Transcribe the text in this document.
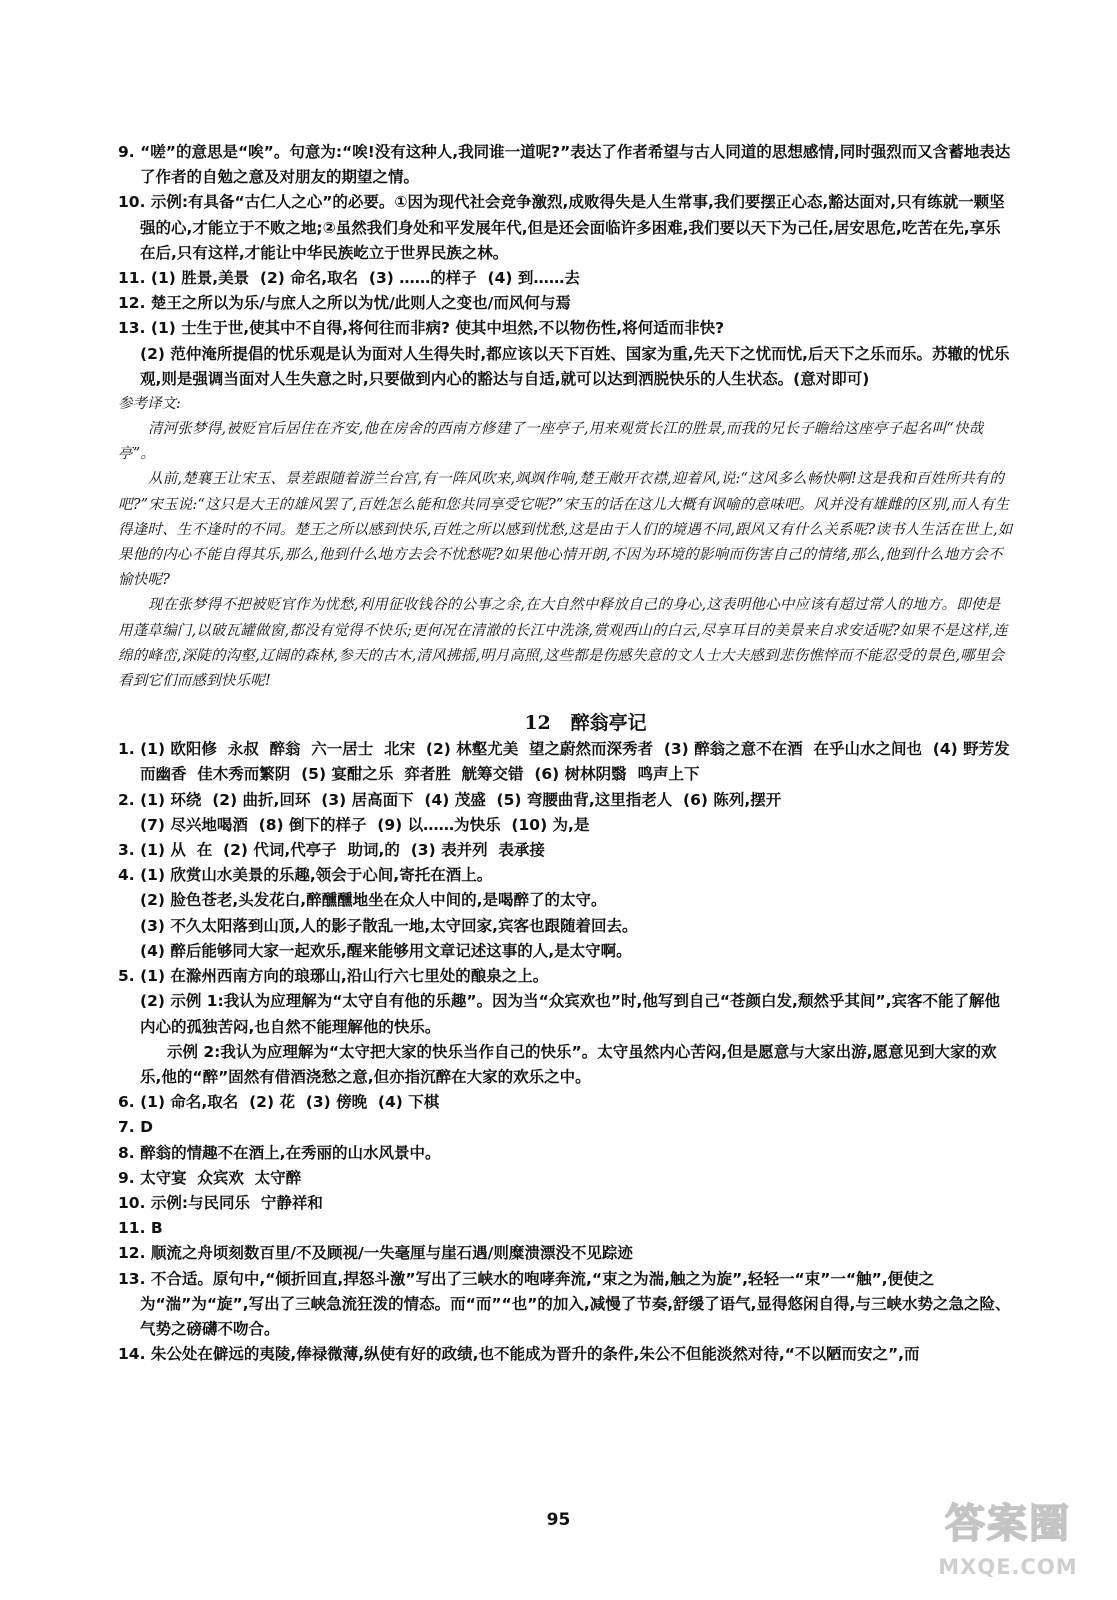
9. “嗟”的意思是“唉”。句意为:“唉!没有这种人,我同谁一道呢?”表达了作者希望与古人同道的思想感情,同时强烈而又含蓄地表达了作者的自勉之意及对朋友的期望之情。

10. 示例:有具备“古仁人之心”的必要。①因为现代社会竞争激烈,成败得失是人生常事,我们要摆正心态,豁达面对,只有练就一颗坚强的心,才能立于不败之地;②虽然我们身处和平发展年代,但是还会面临许多困难,我们要以天下为己任,居安思危,吃苦在先,享乐在后,只有这样,才能让中华民族屹立于世界民族之林。

11. (1) 胜景,美景  (2) 命名,取名  (3) ……的样子  (4) 到……去

12. 楚王之所以为乐/与庶人之所以为忧/此则人之变也/而风何与焉

13. (1) 士生于世,使其中不自得,将何往而非病? 使其中坦然,不以物伤性,将何适而非快?

(2) 范仲淹所提倡的忧乐观是认为面对人生得失时,都应该以天下百姓、国家为重,先天下之忧而忧,后天下之乐而乐。苏辙的忧乐观,则是强调当面对人生失意之时,只要做到内心的豁达与自适,就可以达到洒脱快乐的人生状态。(意对即可)

参考译文:

清河张梦得,被贬官后居住在齐安,他在房舍的西南方修建了一座亭子,用来观赏长江的胜景,而我的兄长子瞻给这座亭子起名叫“快哉亭”。

从前,楚襄王让宋玉、景差跟随着游兰台宫,有一阵风吹来,飒飒作响,楚王敞开衣襟,迎着风,说:“这风多么畅快啊!这是我和百姓所共有的吧?”宋玉说:“这只是大王的雄风罢了,百姓怎么能和您共同享受它呢?”宋玉的话在这儿大概有讽喻的意味吧。风并没有雄雌的区别,而人有生得逢时、生不逢时的不同。楚王之所以感到快乐,百姓之所以感到忧愁,这是由于人们的境遇不同,跟风又有什么关系呢?读书人生活在世上,如果他的内心不能自得其乐,那么,他到什么地方去会不忧愁呢?如果他心情开朗,不因为环境的影响而伤害自己的情绪,那么,他到什么地方会不愉快呢?

现在张梦得不把被贬官作为忧愁,利用征收钱谷的公事之余,在大自然中释放自己的身心,这表明他心中应该有超过常人的地方。即使是用蓬草编门,以破瓦罐做窗,都没有觉得不快乐;更何况在清澈的长江中洗涤,赏观西山的白云,尽享耳目的美景来自求安适呢?如果不是这样,连绵的峰峦,深陡的沟壑,辽阔的森林,参天的古木,清风拂摇,明月高照,这些都是伤感失意的文人士大夫感到悲伤憔悴而不能忍受的景色,哪里会看到它们而感到快乐呢!

12 醉翁亭记

1. (1) 欧阳修  永叔  醉翁  六一居士  北宋  (2) 林壑尤美  望之蔚然而深秀者  (3) 醉翁之意不在酒  在乎山水之间也  (4) 野芳发而幽香  佳木秀而繁阴  (5) 宴酣之乐  弈者胜  觥筹交错  (6) 树林阴翳  鸣声上下

2. (1) 环绕  (2) 曲折,回环  (3) 居高面下  (4) 茂盛  (5) 弯腰曲背,这里指老人  (6) 陈列,摆开

(7) 尽兴地喝酒  (8) 倒下的样子  (9) 以……为快乐  (10) 为,是

3. (1) 从  在  (2) 代词,代亭子  助词,的  (3) 表并列  表承接

4. (1) 欣赏山水美景的乐趣,领会于心间,寄托在酒上。

(2) 脸色苍老,头发花白,醉醺醺地坐在众人中间的,是喝醉了的太守。

(3) 不久太阳落到山顶,人的影子散乱一地,太守回家,宾客也跟随着回去。

(4) 醉后能够同大家一起欢乐,醒来能够用文章记述这事的人,是太守啊。

5. (1) 在滁州西南方向的琅琊山,沿山行六七里处的酿泉之上。

(2) 示例 1:我认为应理解为“太守自有他的乐趣”。因为当“众宾欢也”时,他写到自己“苍颜白发,颓然乎其间”,宾客不能了解他内心的孤独苦闷,也自然不能理解他的快乐。

示例 2:我认为应理解为“太守把大家的快乐当作自己的快乐”。太守虽然内心苦闷,但是愿意与大家出游,愿意见到大家的欢乐,他的“醉”固然有借酒浇愁之意,但亦指沉醉在大家的欢乐之中。

6. (1) 命名,取名  (2) 花  (3) 傍晚  (4) 下棋

7. D

8. 醉翁的情趣不在酒上,在秀丽的山水风景中。

9. 太守宴  众宾欢  太守醉

10. 示例:与民同乐  宁静祥和

11. B

12. 顺流之舟顷刻数百里/不及顾视/一失毫厘与崖石遇/则糜溃漂没不见踪迹

13. 不合适。原句中,“倾折回直,捍怒斗激”写出了三峡水的咆哮奔流,“束之为湍,触之为旋”,轻轻一“束”一“触”,便使之为“湍”为“旋”,写出了三峡急流狂泼的情态。而“而”“也”的加入,减慢了节奏,舒缓了语气,显得悠闲自得,与三峡水势之急之险、气势之磅礴不吻合。

14. 朱公处在僻远的夷陵,俸禄微薄,纵使有好的政绩,也不能成为晋升的条件,朱公不但能淡然对待,“不以陋而安之”,而

95	答案圈
MXQE.COM
